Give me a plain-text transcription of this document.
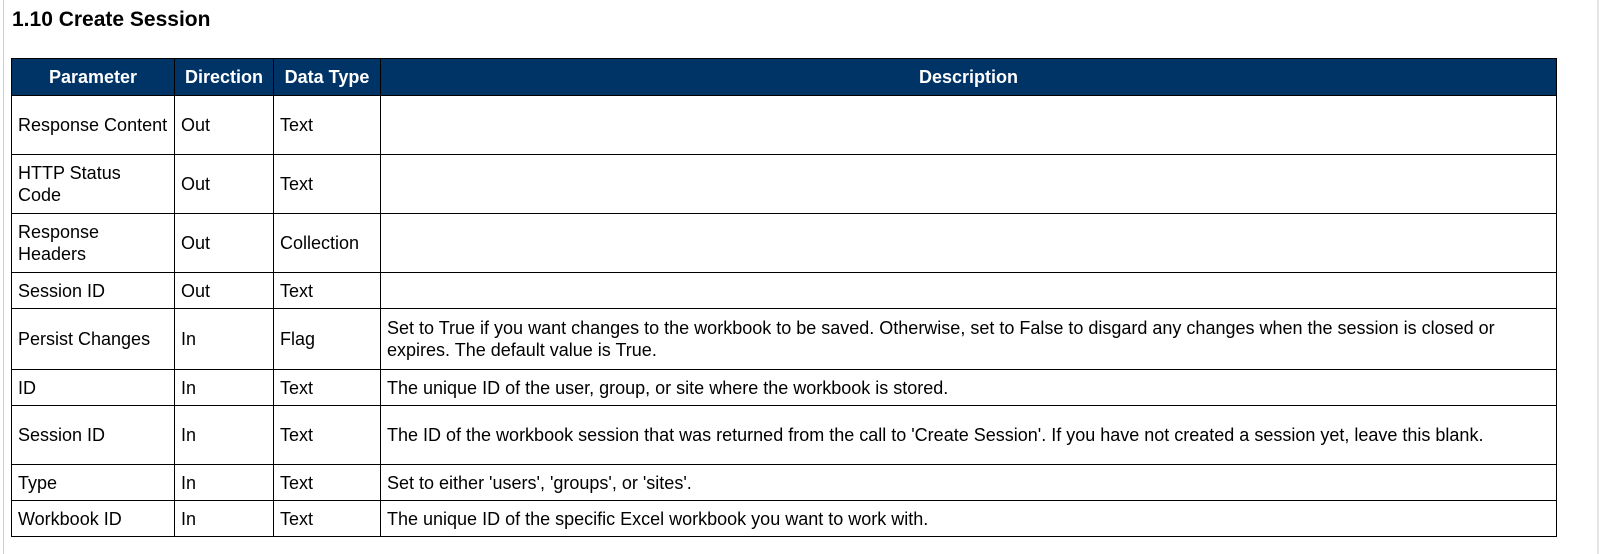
1.10 Create Session
Parameter	Direction	Data Type	Description
Response Content	Out	Text	
HTTP Status Code	Out	Text	
Response Headers	Out	Collection	
Session ID	Out	Text	
Persist Changes	In	Flag	Set to True if you want changes to the workbook to be saved. Otherwise, set to False to disgard any changes when the session is closed or expires. The default value is True.
ID	In	Text	The unique ID of the user, group, or site where the workbook is stored.
Session ID	In	Text	The ID of the workbook session that was returned from the call to 'Create Session'. If you have not created a session yet, leave this blank.
Type	In	Text	Set to either 'users', 'groups', or 'sites'.
Workbook ID	In	Text	The unique ID of the specific Excel workbook you want to work with.
